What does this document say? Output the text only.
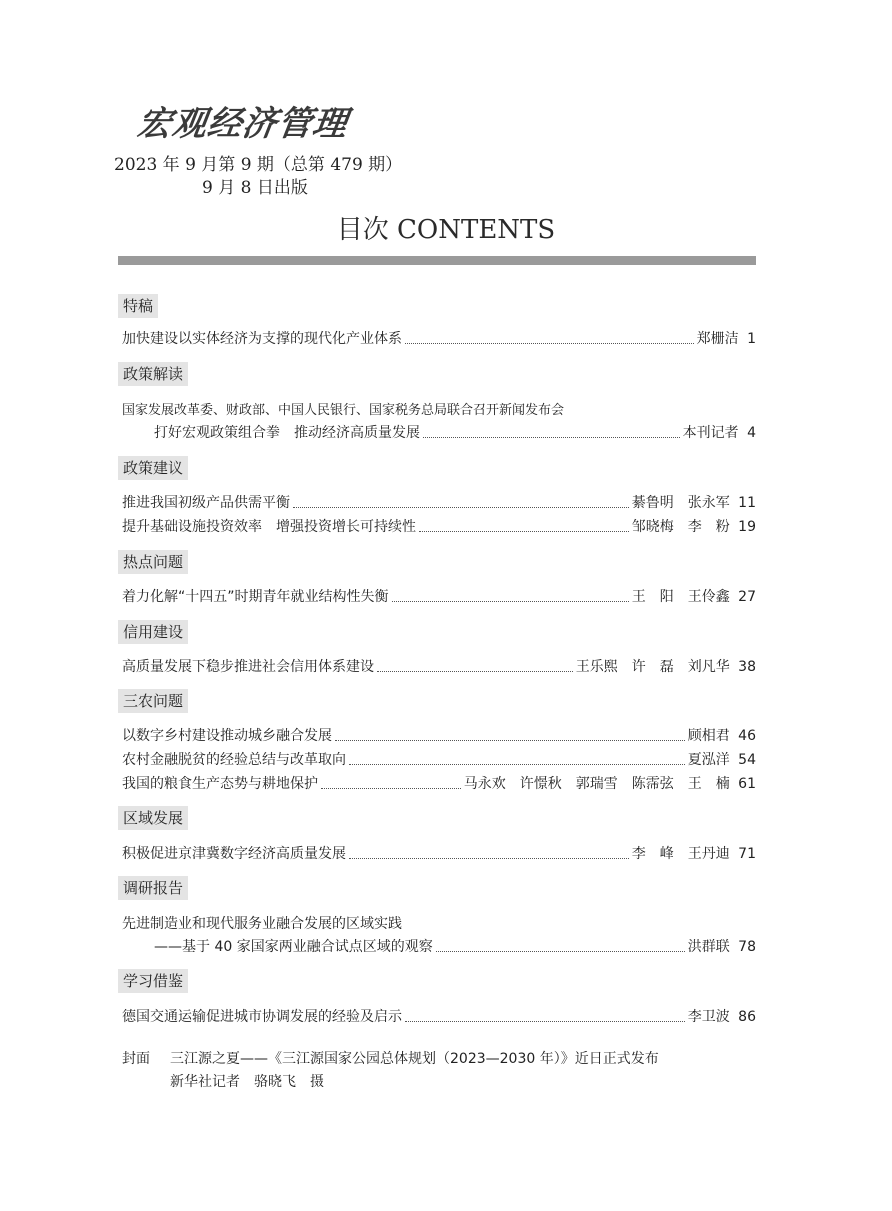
宏观经济管理
2023 年 9 月第 9 期（总第 479 期）
9 月 8 日出版
目次 CONTENTS
特稿
加快建设以实体经济为支撑的现代化产业体系	郑栅洁 1
政策解读
国家发展改革委、财政部、中国人民银行、国家税务总局联合召开新闻发布会
打好宏观政策组合拳　推动经济高质量发展	本刊记者 4
政策建议
推进我国初级产品供需平衡	綦鲁明　张永军 11
提升基础设施投资效率　增强投资增长可持续性	邹晓梅　李　粉 19
热点问题
着力化解“十四五”时期青年就业结构性失衡	王　阳　王伶鑫 27
信用建设
高质量发展下稳步推进社会信用体系建设	王乐熙　许　磊　刘凡华 38
三农问题
以数字乡村建设推动城乡融合发展	顾相君 46
农村金融脱贫的经验总结与改革取向	夏泓洋 54
我国的粮食生产态势与耕地保护	马永欢　许憬秋　郭瑞雪　陈霈弦　王　楠 61
区域发展
积极促进京津冀数字经济高质量发展	李　峰　王丹迪 71
调研报告
先进制造业和现代服务业融合发展的区域实践
——基于 40 家国家两业融合试点区域的观察	洪群联 78
学习借鉴
德国交通运输促进城市协调发展的经验及启示	李卫波 86
封面 三江源之夏——《三江源国家公园总体规划（2023—2030 年）》近日正式发布
新华社记者　骆晓飞　摄
